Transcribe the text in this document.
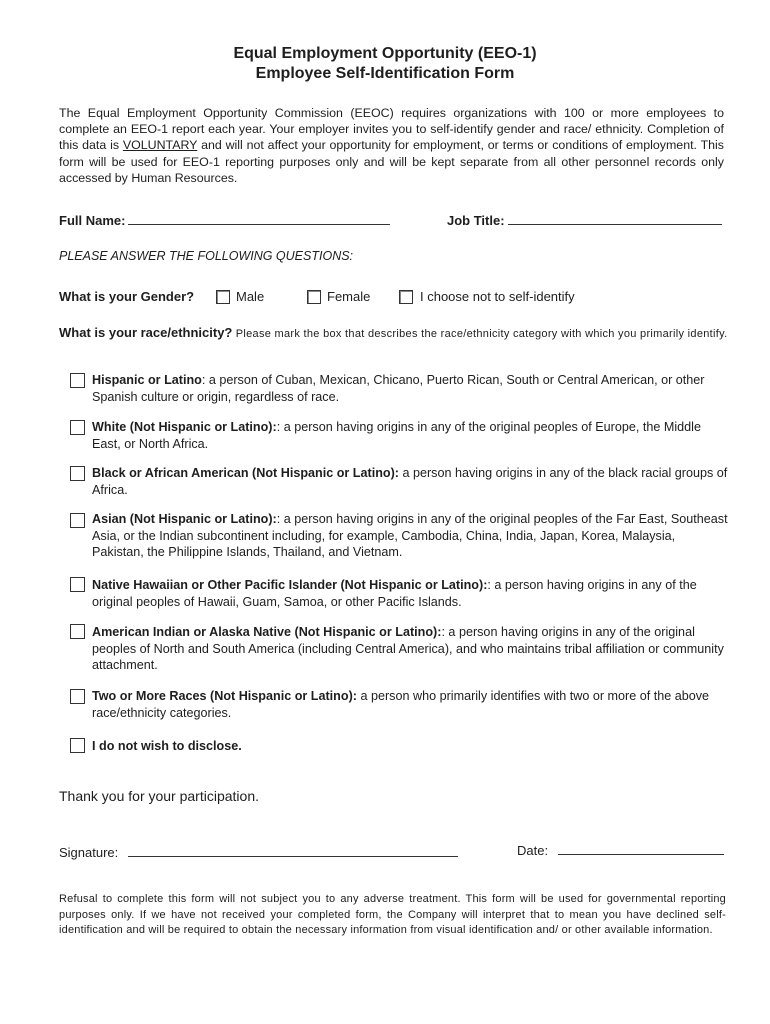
Equal Employment Opportunity (EEO-1)
Employee Self-Identification Form
The Equal Employment Opportunity Commission (EEOC) requires organizations with 100 or more employees to complete an EEO-1 report each year. Your employer invites you to self-identify gender and race/ ethnicity. Completion of this data is VOLUNTARY and will not affect your opportunity for employment, or terms or conditions of employment. This form will be used for EEO-1 reporting purposes only and will be kept separate from all other personnel records only accessed by Human Resources.
Full Name:	Job Title:
PLEASE ANSWER THE FOLLOWING QUESTIONS:
What is your Gender?	Male	Female	I choose not to self-identify
What is your race/ethnicity? Please mark the box that describes the race/ethnicity category with which you primarily identify.
Hispanic or Latino: a person of Cuban, Mexican, Chicano, Puerto Rican, South or Central American, or other Spanish culture or origin, regardless of race.
White (Not Hispanic or Latino):: a person having origins in any of the original peoples of Europe, the Middle East, or North Africa.
Black or African American (Not Hispanic or Latino): a person having origins in any of the black racial groups of Africa.
Asian (Not Hispanic or Latino):: a person having origins in any of the original peoples of the Far East, Southeast Asia, or the Indian subcontinent including, for example, Cambodia, China, India, Japan, Korea, Malaysia, Pakistan, the Philippine Islands, Thailand, and Vietnam.
Native Hawaiian or Other Pacific Islander (Not Hispanic or Latino):: a person having origins in any of the original peoples of Hawaii, Guam, Samoa, or other Pacific Islands.
American Indian or Alaska Native (Not Hispanic or Latino):: a person having origins in any of the original peoples of North and South America (including Central America), and who maintains tribal affiliation or community attachment.
Two or More Races (Not Hispanic or Latino): a person who primarily identifies with two or more of the above race/ethnicity categories.
I do not wish to disclose.
Thank you for your participation.
Signature:	Date:
Refusal to complete this form will not subject you to any adverse treatment. This form will be used for governmental reporting purposes only. If we have not received your completed form, the Company will interpret that to mean you have declined self-identification and will be required to obtain the necessary information from visual identification and/ or other available information.
